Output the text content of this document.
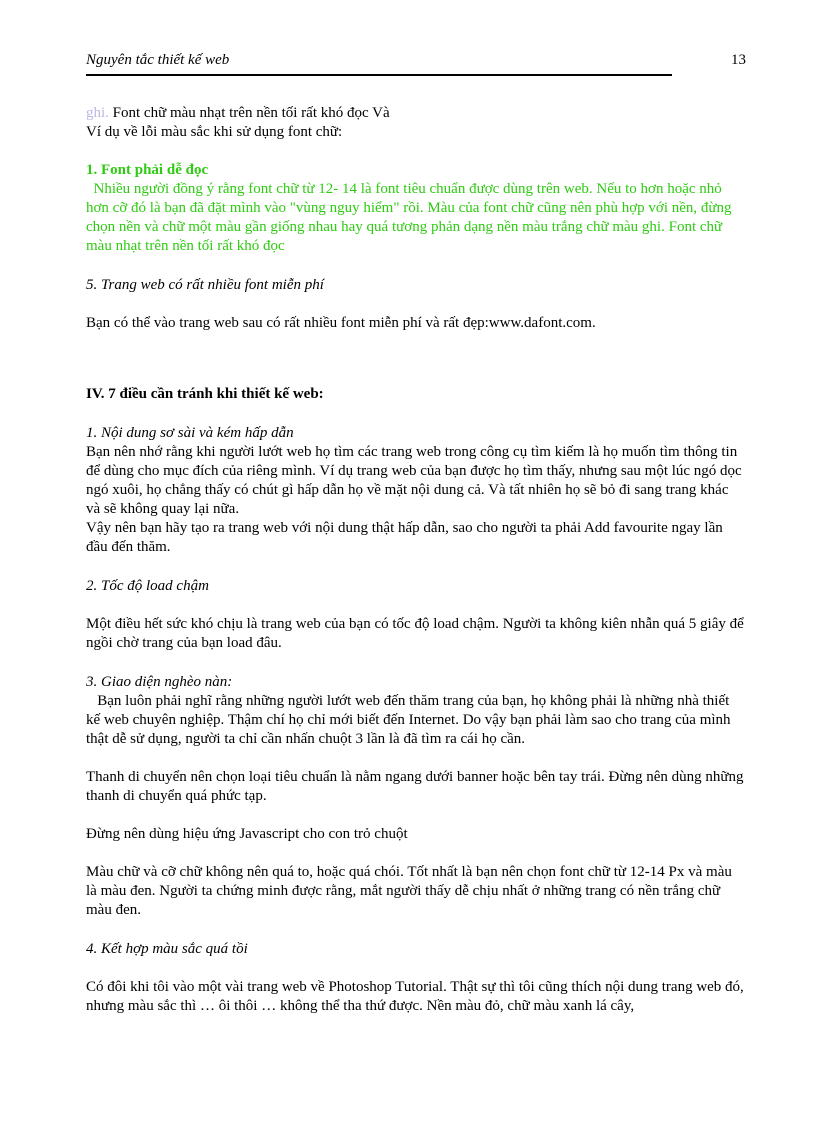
Nguyên tắc thiết kế web	13

ghi. Font chữ màu nhạt trên nền tối rất khó đọc Và

Ví dụ về lỗi màu sắc khi sử dụng font chữ:

1. Font phải dễ đọc

Nhiều người đồng ý rằng font chữ từ 12- 14 là font tiêu chuẩn được dùng trên web. Nếu to hơn hoặc nhỏ hơn cỡ đó là bạn đã đặt mình vào "vùng nguy hiểm" rồi. Màu của font chữ cũng nên phù hợp với nền, đừng chọn nền và chữ một màu gần giống nhau hay quá tương phản dạng nền màu trắng chữ màu ghi. Font chữ màu nhạt trên nền tối rất khó đọc

5. Trang web có rất nhiều font miễn phí

Bạn có thể vào trang web sau có rất nhiều font miễn phí và rất đẹp:www.dafont.com.

IV. 7 điều cần tránh khi thiết kế web:

1. Nội dung sơ sài và kém hấp dẫn

Bạn nên nhớ rằng khi người lướt web họ tìm các trang web trong công cụ tìm kiếm là họ muốn tìm thông tin để dùng cho mục đích của riêng mình. Ví dụ trang web của bạn được họ tìm thấy, nhưng sau một lúc ngó dọc ngó xuôi, họ chẳng thấy có chút gì hấp dẫn họ về mặt nội dung cả. Và tất nhiên họ sẽ bỏ đi sang trang khác và sẽ không quay lại nữa.

Vậy nên bạn hãy tạo ra trang web với nội dung thật hấp dẫn, sao cho người ta phải Add favourite ngay lần đầu đến thăm.

2. Tốc độ load chậm

Một điều hết sức khó chịu là trang web của bạn có tốc độ load chậm. Người ta không kiên nhẫn quá 5 giây để ngồi chờ trang của bạn load đâu.

3. Giao diện nghèo nàn:

Bạn luôn phải nghĩ rằng những người lướt web đến thăm trang của bạn, họ không phải là những nhà thiết kế web chuyên nghiệp. Thậm chí họ chỉ mới biết đến Internet. Do vậy bạn phải làm sao cho trang của mình thật dễ sử dụng, người ta chỉ cần nhấn chuột 3 lần là đã tìm ra cái họ cần.

Thanh di chuyển nên chọn loại tiêu chuẩn là nằm ngang dưới banner hoặc bên tay trái. Đừng nên dùng những thanh di chuyển quá phức tạp.

Đừng nên dùng hiệu ứng Javascript cho con trỏ chuột

Màu chữ và cỡ chữ không nên quá to, hoặc quá chói. Tốt nhất là bạn nên chọn font chữ từ 12-14 Px và màu là màu đen. Người ta chứng minh được rằng, mắt người thấy dễ chịu nhất ở những trang có nền trắng chữ màu đen.

4. Kết hợp màu sắc quá tồi

Có đôi khi tôi vào một vài trang web về Photoshop Tutorial. Thật sự thì tôi cũng thích nội dung trang web đó, nhưng màu sắc thì … ôi thôi … không thể tha thứ được. Nền màu đỏ, chữ màu xanh lá cây,
